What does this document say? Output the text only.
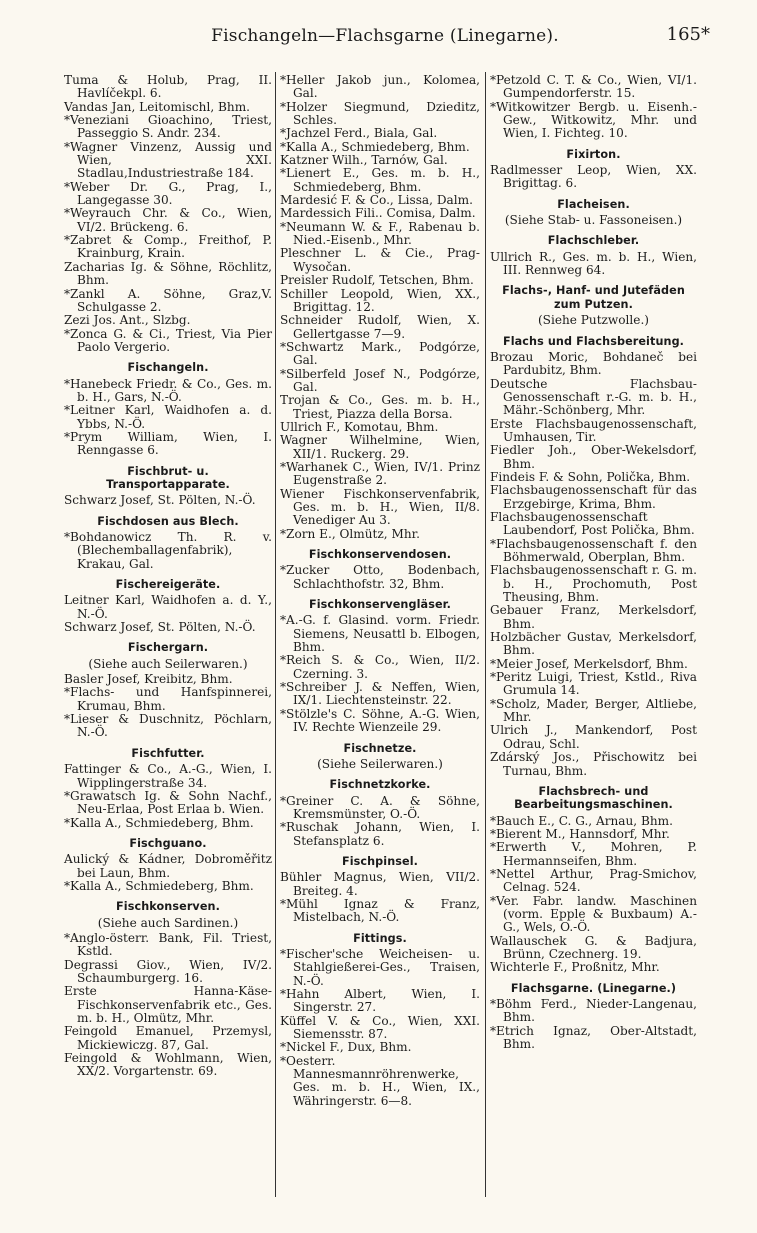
Fischangeln—Flachsgarne (Linegarne).	165*

Tuma & Holub, Prag, II. Havlíčekpl. 6.

Vandas Jan, Leitomischl, Bhm.

*Veneziani Gioachino, Triest, Passeggio S. Andr. 234.

*Wagner Vinzenz, Aussig und Wien, XXI. Stadlau,Industriestraße 184.

*Weber Dr. G., Prag, I., Langegasse 30.

*Weyrauch Chr. & Co., Wien, VI/2. Brückeng. 6.

*Zabret & Comp., Freithof, P. Krainburg, Krain.

Zacharias Ig. & Söhne, Röchlitz, Bhm.

*Zankl A. Söhne, Graz,V. Schulgasse 2.

Zezi Jos. Ant., Slzbg.

*Zonca G. & Ci., Triest, Via Pier Paolo Vergerio.

Fischangeln.

*Hanebeck Friedr. & Co., Ges. m. b. H., Gars, N.-Ö.

*Leitner Karl, Waidhofen a. d. Ybbs, N.-Ö.

*Prym William, Wien, I. Renngasse 6.

Fischbrut- u. Transportapparate.

Schwarz Josef, St. Pölten, N.-Ö.

Fischdosen aus Blech.

*Bohdanowicz Th. R. v. (Blechemballagenfabrik), Krakau, Gal.

Fischereigeräte.

Leitner Karl, Waidhofen a. d. Y., N.-Ö.

Schwarz Josef, St. Pölten, N.-Ö.

Fischergarn.

(Siehe auch Seilerwaren.)

Basler Josef, Kreibitz, Bhm.

*Flachs- und Hanfspinnerei, Krumau, Bhm.

*Lieser & Duschnitz, Pöchlarn, N.-Ö.

Fischfutter.

Fattinger & Co., A.-G., Wien, I. Wipplingerstraße 34.

*Grawatsch Ig. & Sohn Nachf., Neu-Erlaa, Post Erlaa b. Wien.

*Kalla A., Schmiedeberg, Bhm.

Fischguano.

Aulický & Kádner, Dobroměřitz bei Laun, Bhm.

*Kalla A., Schmiedeberg, Bhm.

Fischkonserven.

(Siehe auch Sardinen.)

*Anglo-österr. Bank, Fil. Triest, Kstld.

Degrassi Giov., Wien, IV/2. Schaumburgerg. 16.

Erste Hanna-Käse-Fischkonservenfabrik etc., Ges. m. b. H., Olmütz, Mhr.

Feingold Emanuel, Przemysl, Mickiewiczg. 87, Gal.

Feingold & Wohlmann, Wien, XX/2. Vorgartenstr. 69.

*Heller Jakob jun., Kolomea, Gal.

*Holzer Siegmund, Dzieditz, Schles.

*Jachzel Ferd., Biala, Gal.

*Kalla A., Schmiedeberg, Bhm.

Katzner Wilh., Tarnów, Gal.

*Lienert E., Ges. m. b. H., Schmiedeberg, Bhm.

Mardesić F. & Co., Lissa, Dalm.

Mardessich Fili.. Comisa, Dalm.

*Neumann W. & F., Rabenau b. Nied.-Eisenb., Mhr.

Pleschner L. & Cie., Prag-Wysočan.

Preisler Rudolf, Tetschen, Bhm.

Schiller Leopold, Wien, XX., Brigittag. 12.

Schneider Rudolf, Wien, X. Gellertgasse 7—9.

*Schwartz Mark., Podgórze, Gal.

*Silberfeld Josef N., Podgórze, Gal.

Trojan & Co., Ges. m. b. H., Triest, Piazza della Borsa.

Ullrich F., Komotau, Bhm.

Wagner Wilhelmine, Wien, XII/1. Ruckerg. 29.

*Warhanek C., Wien, IV/1. Prinz Eugenstraße 2.

Wiener Fischkonservenfabrik, Ges. m. b. H., Wien, II/8. Venediger Au 3.

*Zorn E., Olmütz, Mhr.

Fischkonservendosen.

*Zucker Otto, Bodenbach, Schlachthofstr. 32, Bhm.

Fischkonservengläser.

*A.-G. f. Glasind. vorm. Friedr. Siemens, Neusattl b. Elbogen, Bhm.

*Reich S. & Co., Wien, II/2. Czerning. 3.

*Schreiber J. & Neffen, Wien, IX/1. Liechtensteinstr. 22.

*Stölzle's C. Söhne, A.-G. Wien, IV. Rechte Wienzeile 29.

Fischnetze.

(Siehe Seilerwaren.)

Fischnetzkorke.

*Greiner C. A. & Söhne, Kremsmünster, O.-Ö.

*Ruschak Johann, Wien, I. Stefansplatz 6.

Fischpinsel.

Bühler Magnus, Wien, VII/2. Breiteg. 4.

*Mühl Ignaz & Franz, Mistelbach, N.-Ö.

Fittings.

*Fischer'sche Weicheisen- u. Stahlgießerei-Ges., Traisen, N.-Ö.

*Hahn Albert, Wien, I. Singerstr. 27.

Küffel V. & Co., Wien, XXI. Siemensstr. 87.

*Nickel F., Dux, Bhm.

*Oesterr. Mannesmannröhrenwerke, Ges. m. b. H., Wien, IX., Währingerstr. 6—8.

*Petzold C. T. & Co., Wien, VI/1. Gumpendorferstr. 15.

*Witkowitzer Bergb. u. Eisenh.-Gew., Witkowitz, Mhr. und Wien, I. Fichteg. 10.

Fixirton.

Radlmesser Leop, Wien, XX. Brigittag. 6.

Flacheisen.

(Siehe Stab- u. Fassoneisen.)

Flachschleber.

Ullrich R., Ges. m. b. H., Wien, III. Rennweg 64.

Flachs-, Hanf- und Jutefäden zum Putzen.

(Siehe Putzwolle.)

Flachs und Flachsbereitung.

Brozau Moric, Bohdaneč bei Pardubitz, Bhm.

Deutsche Flachsbau-Genossenschaft r.-G. m. b. H., Mähr.-Schönberg, Mhr.

Erste Flachsbaugenossenschaft, Umhausen, Tir.

Fiedler Joh., Ober-Wekelsdorf, Bhm.

Findeis F. & Sohn, Polička, Bhm.

Flachsbaugenossenschaft für das Erzgebirge, Krima, Bhm.

Flachsbaugenossenschaft Laubendorf, Post Polička, Bhm.

*Flachsbaugenossenschaft f. den Böhmerwald, Oberplan, Bhm.

Flachsbaugenossenschaft r. G. m. b. H., Prochomuth, Post Theusing, Bhm.

Gebauer Franz, Merkelsdorf, Bhm.

Holzbächer Gustav, Merkelsdorf, Bhm.

*Meier Josef, Merkelsdorf, Bhm.

*Peritz Luigi, Triest, Kstld., Riva Grumula 14.

*Scholz, Mader, Berger, Altliebe, Mhr.

Ulrich J., Mankendorf, Post Odrau, Schl.

Zdárský Jos., Přischowitz bei Turnau, Bhm.

Flachsbrech- und Bearbeitungsmaschinen.

*Bauch E., C. G., Arnau, Bhm.

*Bierent M., Hannsdorf, Mhr.

*Erwerth V., Mohren, P. Hermannseifen, Bhm.

*Nettel Arthur, Prag-Smichov, Celnag. 524.

*Ver. Fabr. landw. Maschinen (vorm. Epple & Buxbaum) A.-G., Wels, O.-Ö.

Wallauschek G. & Badjura, Brünn, Czechnerg. 19.

Wichterle F., Proßnitz, Mhr.

Flachsgarne. (Linegarne.)

*Böhm Ferd., Nieder-Langenau, Bhm.

*Etrich Ignaz, Ober-Altstadt, Bhm.
